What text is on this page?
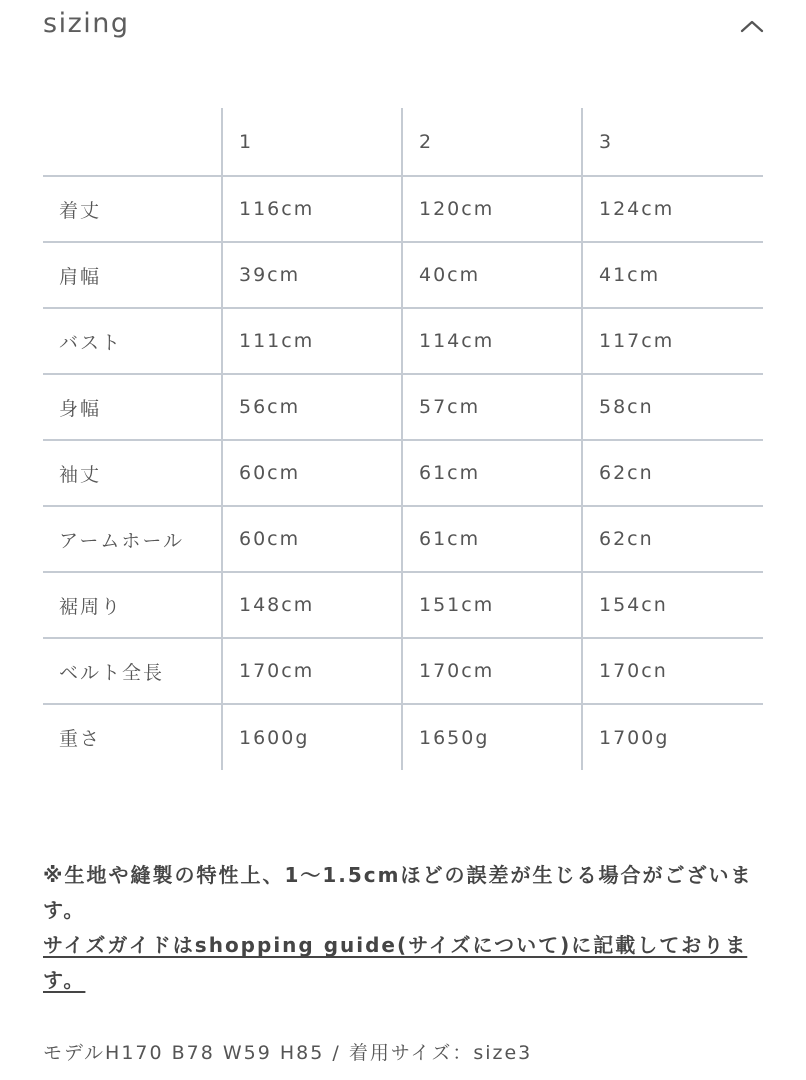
sizing
	1	2	3
着丈	116cm	120cm	124cm
肩幅	39cm	40cm	41cm
バスト	111cm	114cm	117cm
身幅	56cm	57cm	58cn
袖丈	60cm	61cm	62cn
アームホール	60cm	61cm	62cn
裾周り	148cm	151cm	154cn
ベルト全長	170cm	170cm	170cn
重さ	1600g	1650g	1700g
※生地や縫製の特性上、1〜1.5cmほどの誤差が生じる場合がございます。
サイズガイドはshopping guide(サイズについて)に記載しております。
モデルH170 B78 W59 H85 / 着用サイズ：size3
